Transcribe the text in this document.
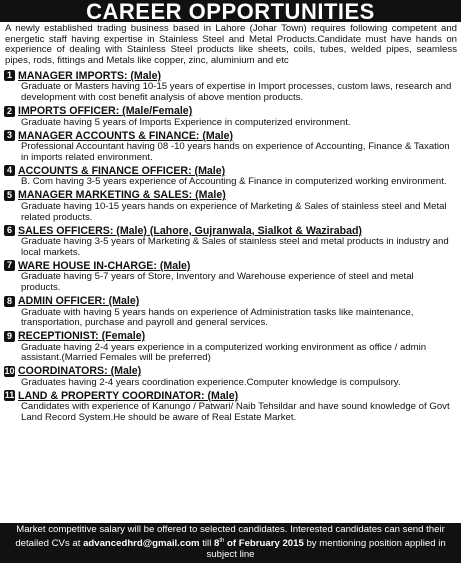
CAREER OPPORTUNITIES

A newly established trading business based in Lahore (Johar Town) requires following competent and energetic staff having expertise in Stainless Steel and Metal Products.Candidate must have hands on experience of dealing with Stainless Steel products like sheets, coils, tubes, welded pipes, seamless pipes, rods, fittings and Metals like copper, zinc, aluminium and etc

1 MANAGER IMPORTS: (Male)

Graduate or Masters having 10-15 years of expertise in Import processes, custom laws, research and development with cost benefit analysis of above mention products.

2 IMPORTS OFFICER: (Male/Female)

Graduate having 5 years of Imports Experience in computerized environment.

3 MANAGER ACCOUNTS & FINANCE: (Male)

Professional Accountant having 08 -10 years hands on experience of Accounting, Finance & Taxation in imports related environment.

4 ACCOUNTS & FINANCE OFFICER: (Male)

B. Com having 3-5 years experience of Accounting & Finance in computerized working environment.

5 MANAGER MARKETING & SALES: (Male)

Graduate having 10-15 years hands on experience of Marketing & Sales of stainless steel and Metal related products.

6 SALES OFFICERS: (Male) (Lahore, Gujranwala, Sialkot & Wazirabad)

Graduate having 3-5 years of Marketing & Sales of stainless steel and metal products in industry and local markets.

7 WARE HOUSE IN-CHARGE: (Male)

Graduate having 5-7 years of Store, Inventory and Warehouse experience of steel and metal products.

8 ADMIN OFFICER: (Male)

Graduate with having 5 years hands on experience of Administration tasks like maintenance, transportation, purchase and payroll and general services.

9 RECEPTIONIST: (Female)

Graduate having 2-4 years experience in a computerized working environment as office / admin assistant.(Married Females will be preferred)

10 COORDINATORS: (Male)

Graduates having 2-4 years coordination experience.Computer knowledge is compulsory.

11 LAND & PROPERTY COORDINATOR: (Male)

Candidates with experience of Kanungo / Patwari/ Naib Tehsildar and have sound knowledge of Govt Land Record System.He should be aware of Real Estate Market.

Market competitive salary will be offered to selected candidates. Interested candidates can send their detailed CVs at advancedhrd@gmail.com till 8th of February 2015 by mentioning position applied in subject line
